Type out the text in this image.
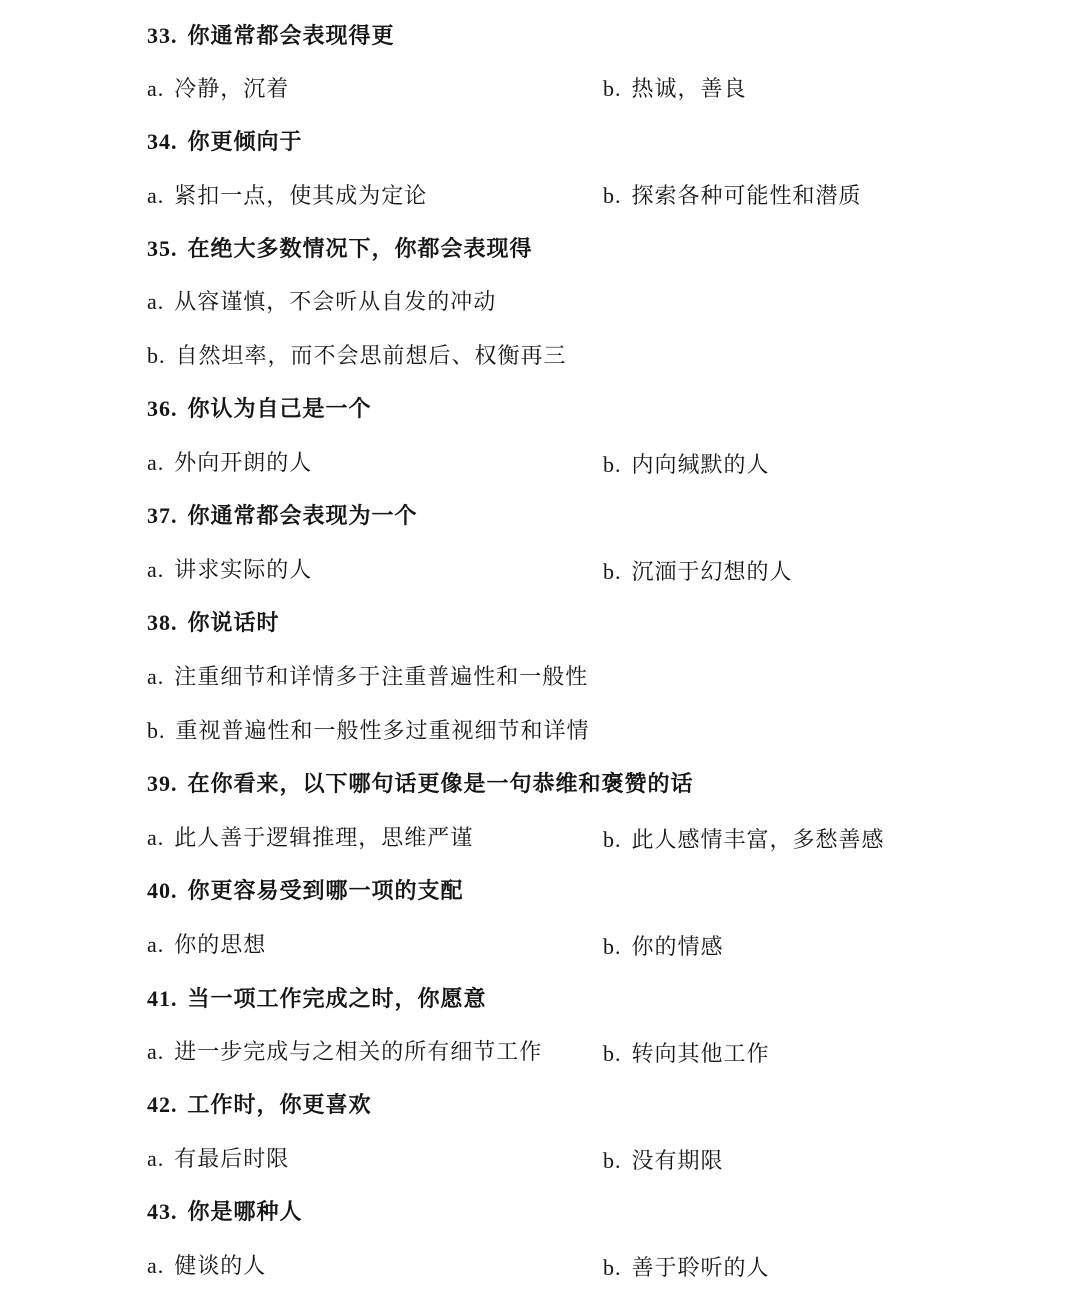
33. 你通常都会表现得更
a. 冷静，沉着	b. 热诚，善良
34. 你更倾向于
a. 紧扣一点，使其成为定论	b. 探索各种可能性和潜质
35. 在绝大多数情况下，你都会表现得
a. 从容谨慎，不会听从自发的冲动
b. 自然坦率，而不会思前想后、权衡再三
36. 你认为自己是一个
a. 外向开朗的人	b. 内向缄默的人
37. 你通常都会表现为一个
a. 讲求实际的人	b. 沉湎于幻想的人
38. 你说话时
a. 注重细节和详情多于注重普遍性和一般性
b. 重视普遍性和一般性多过重视细节和详情
39. 在你看来，以下哪句话更像是一句恭维和褒赞的话
a. 此人善于逻辑推理，思维严谨	b. 此人感情丰富，多愁善感
40. 你更容易受到哪一项的支配
a. 你的思想	b. 你的情感
41. 当一项工作完成之时，你愿意
a. 进一步完成与之相关的所有细节工作	b. 转向其他工作
42. 工作时，你更喜欢
a. 有最后时限	b. 没有期限
43. 你是哪种人
a. 健谈的人	b. 善于聆听的人
